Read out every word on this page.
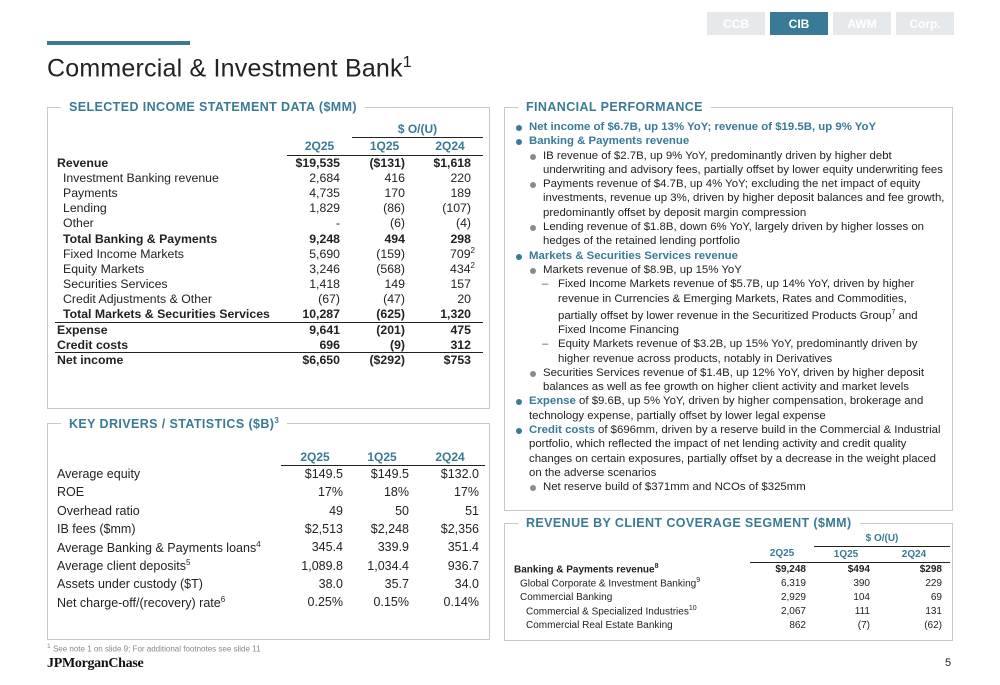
CCB	CIB	AWM	Corp.
Commercial & Investment Bank$^1$
SELECTED INCOME STATEMENT DATA ($MM)
		$ O/(U)	
	2Q25	1Q25	2Q24
Revenue	$19,535	($131)	$1,618
Investment Banking revenue	2,684	416	220
Payments	4,735	170	189
Lending	1,829	(86)	(107)
Other	-	(6)	(4)
Total Banking & Payments	9,248	494	298
Fixed Income Markets	5,690	(159)	$709^2$
Equity Markets	3,246	(568)	$434^2$
Securities Services	1,418	149	157
Credit Adjustments & Other	(67)	(47)	20
Total Markets & Securities Services	10,287	(625)	1,320
Expense	9,641	(201)	475
Credit costs	696	(9)	312
Net income	$6,650	($292)	$753
KEY DRIVERS / STATISTICS ($B)$^3$
	2Q25	1Q25	2Q24
Average equity	$149.5	$149.5	$132.0
ROE	17%	18%	17%
Overhead ratio	49	50	51
IB fees ($mm)	$2,513	$2,248	$2,356
Average Banking & Payments loans$^4$	345.4	339.9	351.4
Average client deposits$^5$	1,089.8	1,034.4	936.7
Assets under custody ($T)	38.0	35.7	34.0
Net charge-off/(recovery) rate$^6$	0.25%	0.15%	0.14%
FINANCIAL PERFORMANCE
Net income of $6.7B, up 13% YoY; revenue of $19.5B, up 9% YoY
Banking & Payments revenue
IB revenue of $2.7B, up 9% YoY, predominantly driven by higher debt underwriting and advisory fees, partially offset by lower equity underwriting fees
Payments revenue of $4.7B, up 4% YoY; excluding the net impact of equity investments, revenue up 3%, driven by higher deposit balances and fee growth, predominantly offset by deposit margin compression
Lending revenue of $1.8B, down 6% YoY, largely driven by higher losses on hedges of the retained lending portfolio
Markets & Securities Services revenue
Markets revenue of $8.9B, up 15% YoY
– Fixed Income Markets revenue of $5.7B, up 14% YoY, driven by higher revenue in Currencies & Emerging Markets, Rates and Commodities, partially offset by lower revenue in the Securitized Products Group$^7$ and Fixed Income Financing
– Equity Markets revenue of $3.2B, up 15% YoY, predominantly driven by higher revenue across products, notably in Derivatives
Securities Services revenue of $1.4B, up 12% YoY, driven by higher deposit balances as well as fee growth on higher client activity and market levels
Expense of $9.6B, up 5% YoY, driven by higher compensation, brokerage and technology expense, partially offset by lower legal expense
Credit costs of $696mm, driven by a reserve build in the Commercial & Industrial portfolio, which reflected the impact of net lending activity and credit quality changes on certain exposures, partially offset by a decrease in the weight placed on the adverse scenarios
Net reserve build of $371mm and NCOs of $325mm
REVENUE BY CLIENT COVERAGE SEGMENT ($MM)
		$ O/(U)	
	2Q25	1Q25	2Q24
Banking & Payments revenue$^8$	$9,248	$494	$298
Global Corporate & Investment Banking$^9$	6,319	390	229
Commercial Banking	2,929	104	69
Commercial & Specialized Industries$^{10}$	2,067	111	131
Commercial Real Estate Banking	862	(7)	(62)
$^1$ See note 1 on slide 9; For additional footnotes see slide 11
JPMorganChase	5
